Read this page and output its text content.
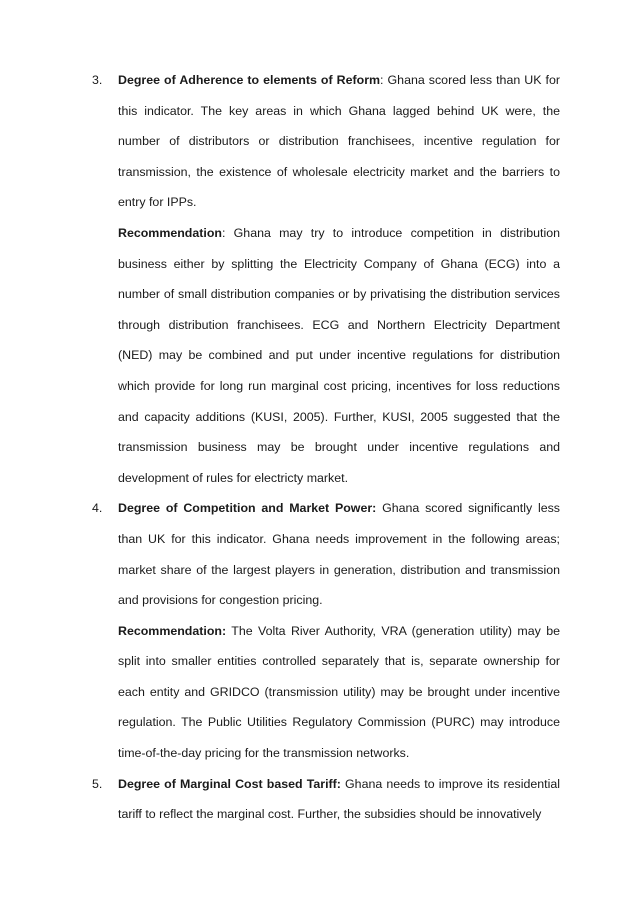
3. Degree of Adherence to elements of Reform: Ghana scored less than UK for this indicator. The key areas in which Ghana lagged behind UK were, the number of distributors or distribution franchisees, incentive regulation for transmission, the existence of wholesale electricity market and the barriers to entry for IPPs.

Recommendation: Ghana may try to introduce competition in distribution business either by splitting the Electricity Company of Ghana (ECG) into a number of small distribution companies or by privatising the distribution services through distribution franchisees. ECG and Northern Electricity Department (NED) may be combined and put under incentive regulations for distribution which provide for long run marginal cost pricing, incentives for loss reductions and capacity additions (KUSI, 2005). Further, KUSI, 2005 suggested that the transmission business may be brought under incentive regulations and development of rules for electricty market.

4. Degree of Competition and Market Power: Ghana scored significantly less than UK for this indicator. Ghana needs improvement in the following areas; market share of the largest players in generation, distribution and transmission and provisions for congestion pricing.

Recommendation: The Volta River Authority, VRA (generation utility) may be split into smaller entities controlled separately that is, separate ownership for each entity and GRIDCO (transmission utility) may be brought under incentive regulation. The Public Utilities Regulatory Commission (PURC) may introduce time-of-the-day pricing for the transmission networks.

5. Degree of Marginal Cost based Tariff: Ghana needs to improve its residential tariff to reflect the marginal cost. Further, the subsidies should be innovatively
